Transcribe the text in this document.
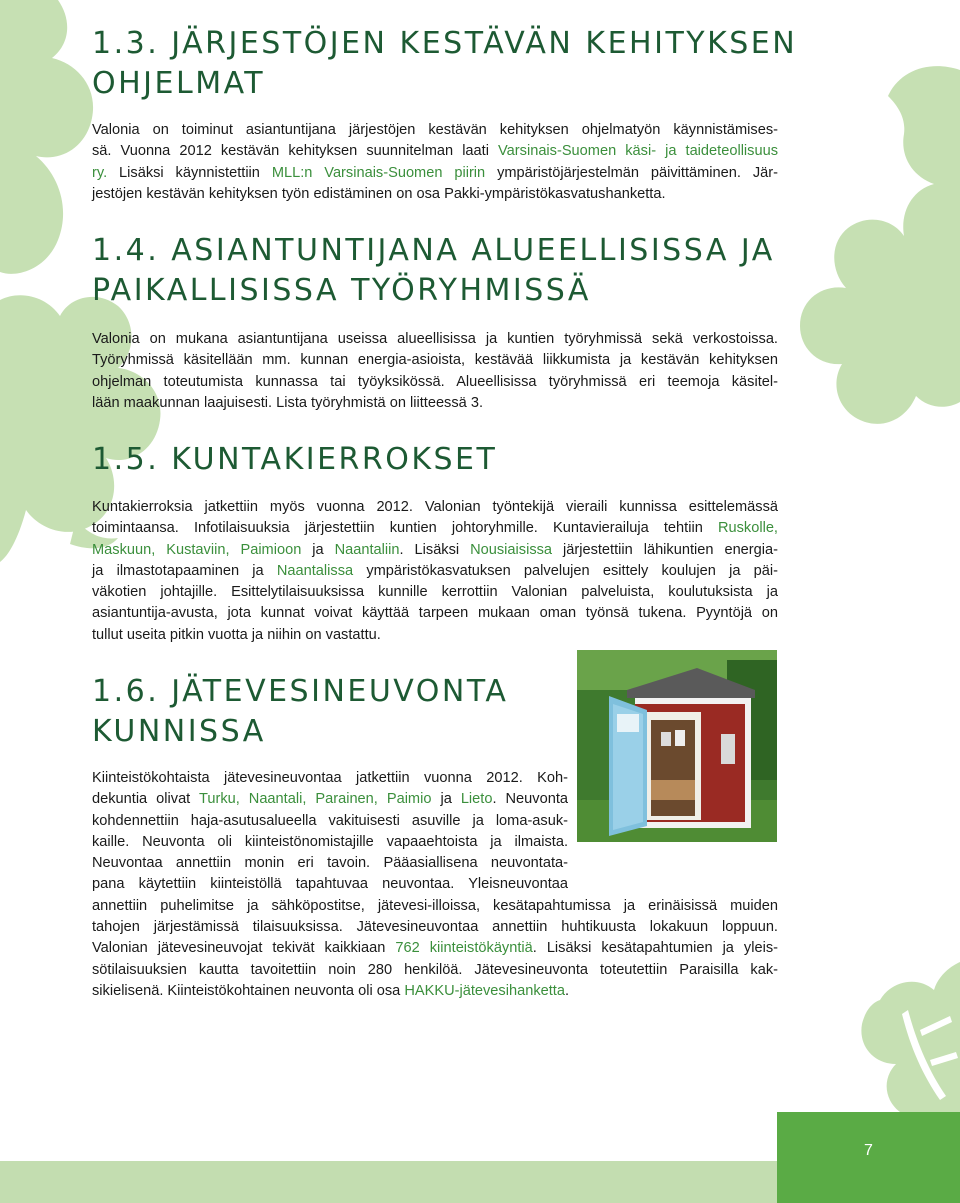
1.3. JÄRJESTÖJEN KESTÄVÄN KEHITYKSEN
OHJELMAT

Valonia on toiminut asiantuntijana järjestöjen kestävän kehityksen ohjelmatyön käynnistämises-
sä. Vuonna 2012 kestävän kehityksen suunnitelman laati Varsinais-Suomen käsi- ja taideteollisuus
ry. Lisäksi käynnistettiin MLL:n Varsinais-Suomen piirin ympäristöjärjestelmän päivittäminen. Jär-
jestöjen kestävän kehityksen työn edistäminen on osa Pakki-ympäristökasvatushanketta.

1.4. ASIANTUNTIJANA ALUEELLISISSA JA
PAIKALLISISSA TYÖRYHMISSÄ

Valonia on mukana asiantuntijana useissa alueellisissa ja kuntien työryhmissä sekä verkostoissa.
Työryhmissä käsitellään mm. kunnan energia-asioista, kestävää liikkumista ja kestävän kehityksen
ohjelman toteutumista kunnassa tai työyksikössä. Alueellisissa työryhmissä eri teemoja käsitel-
lään maakunnan laajuisesti. Lista työryhmistä on liitteessä 3.

1.5. KUNTAKIERROKSET

Kuntakierroksia jatkettiin myös vuonna 2012. Valonian työntekijä vieraili kunnissa esittelemässä
toimintaansa. Infotilaisuuksia järjestettiin kuntien johtoryhmille. Kuntavierailuja tehtiin Ruskolle,
Maskuun, Kustaviin, Paimioon ja Naantaliin. Lisäksi Nousiaisissa järjestettiin lähikuntien energia-
ja ilmastotapaaminen ja Naantalissa ympäristökasvatuksen palvelujen esittely koulujen ja päi-
väkotien johtajille. Esittelytilaisuuksissa kunnille kerrottiin Valonian palveluista, koulutuksista ja
asiantuntija-avusta, jota kunnat voivat käyttää tarpeen mukaan oman työnsä tukena. Pyyntöjä on
tullut useita pitkin vuotta ja niihin on vastattu.

1.6. JÄTEVESINEUVONTA
KUNNISSA

Kiinteistökohtaista jätevesineuvontaa jatkettiin vuonna 2012. Koh-
dekuntia olivat Turku, Naantali, Parainen, Paimio ja Lieto. Neuvonta
kohdennettiin haja-asutusalueella vakituisesti asuville ja loma-asuk-
kaille. Neuvonta oli kiinteistönomistajille vapaaehtoista ja ilmaista.
Neuvontaa annettiin monin eri tavoin. Pääasiallisena neuvontata-
pana käytettiin kiinteistöllä tapahtuvaa neuvontaa. Yleisneuvontaa
annettiin puhelimitse ja sähköpostitse, jätevesi-illoissa, kesätapahtumissa ja erinäisissä muiden
tahojen järjestämissä tilaisuuksissa. Jätevesineuvontaa annettiin huhtikuusta lokakuun loppuun.
Valonian jätevesineuvojat tekivät kaikkiaan 762 kiinteistökäyntiä. Lisäksi kesätapahtumien ja yleis-
sötilaisuuksien kautta tavoitettiin noin 280 henkilöä. Jätevesineuvonta toteutettiin Paraisilla kak-
sikielisenä. Kiinteistökohtainen neuvonta oli osa HAKKU-jätevesihanketta.

7
